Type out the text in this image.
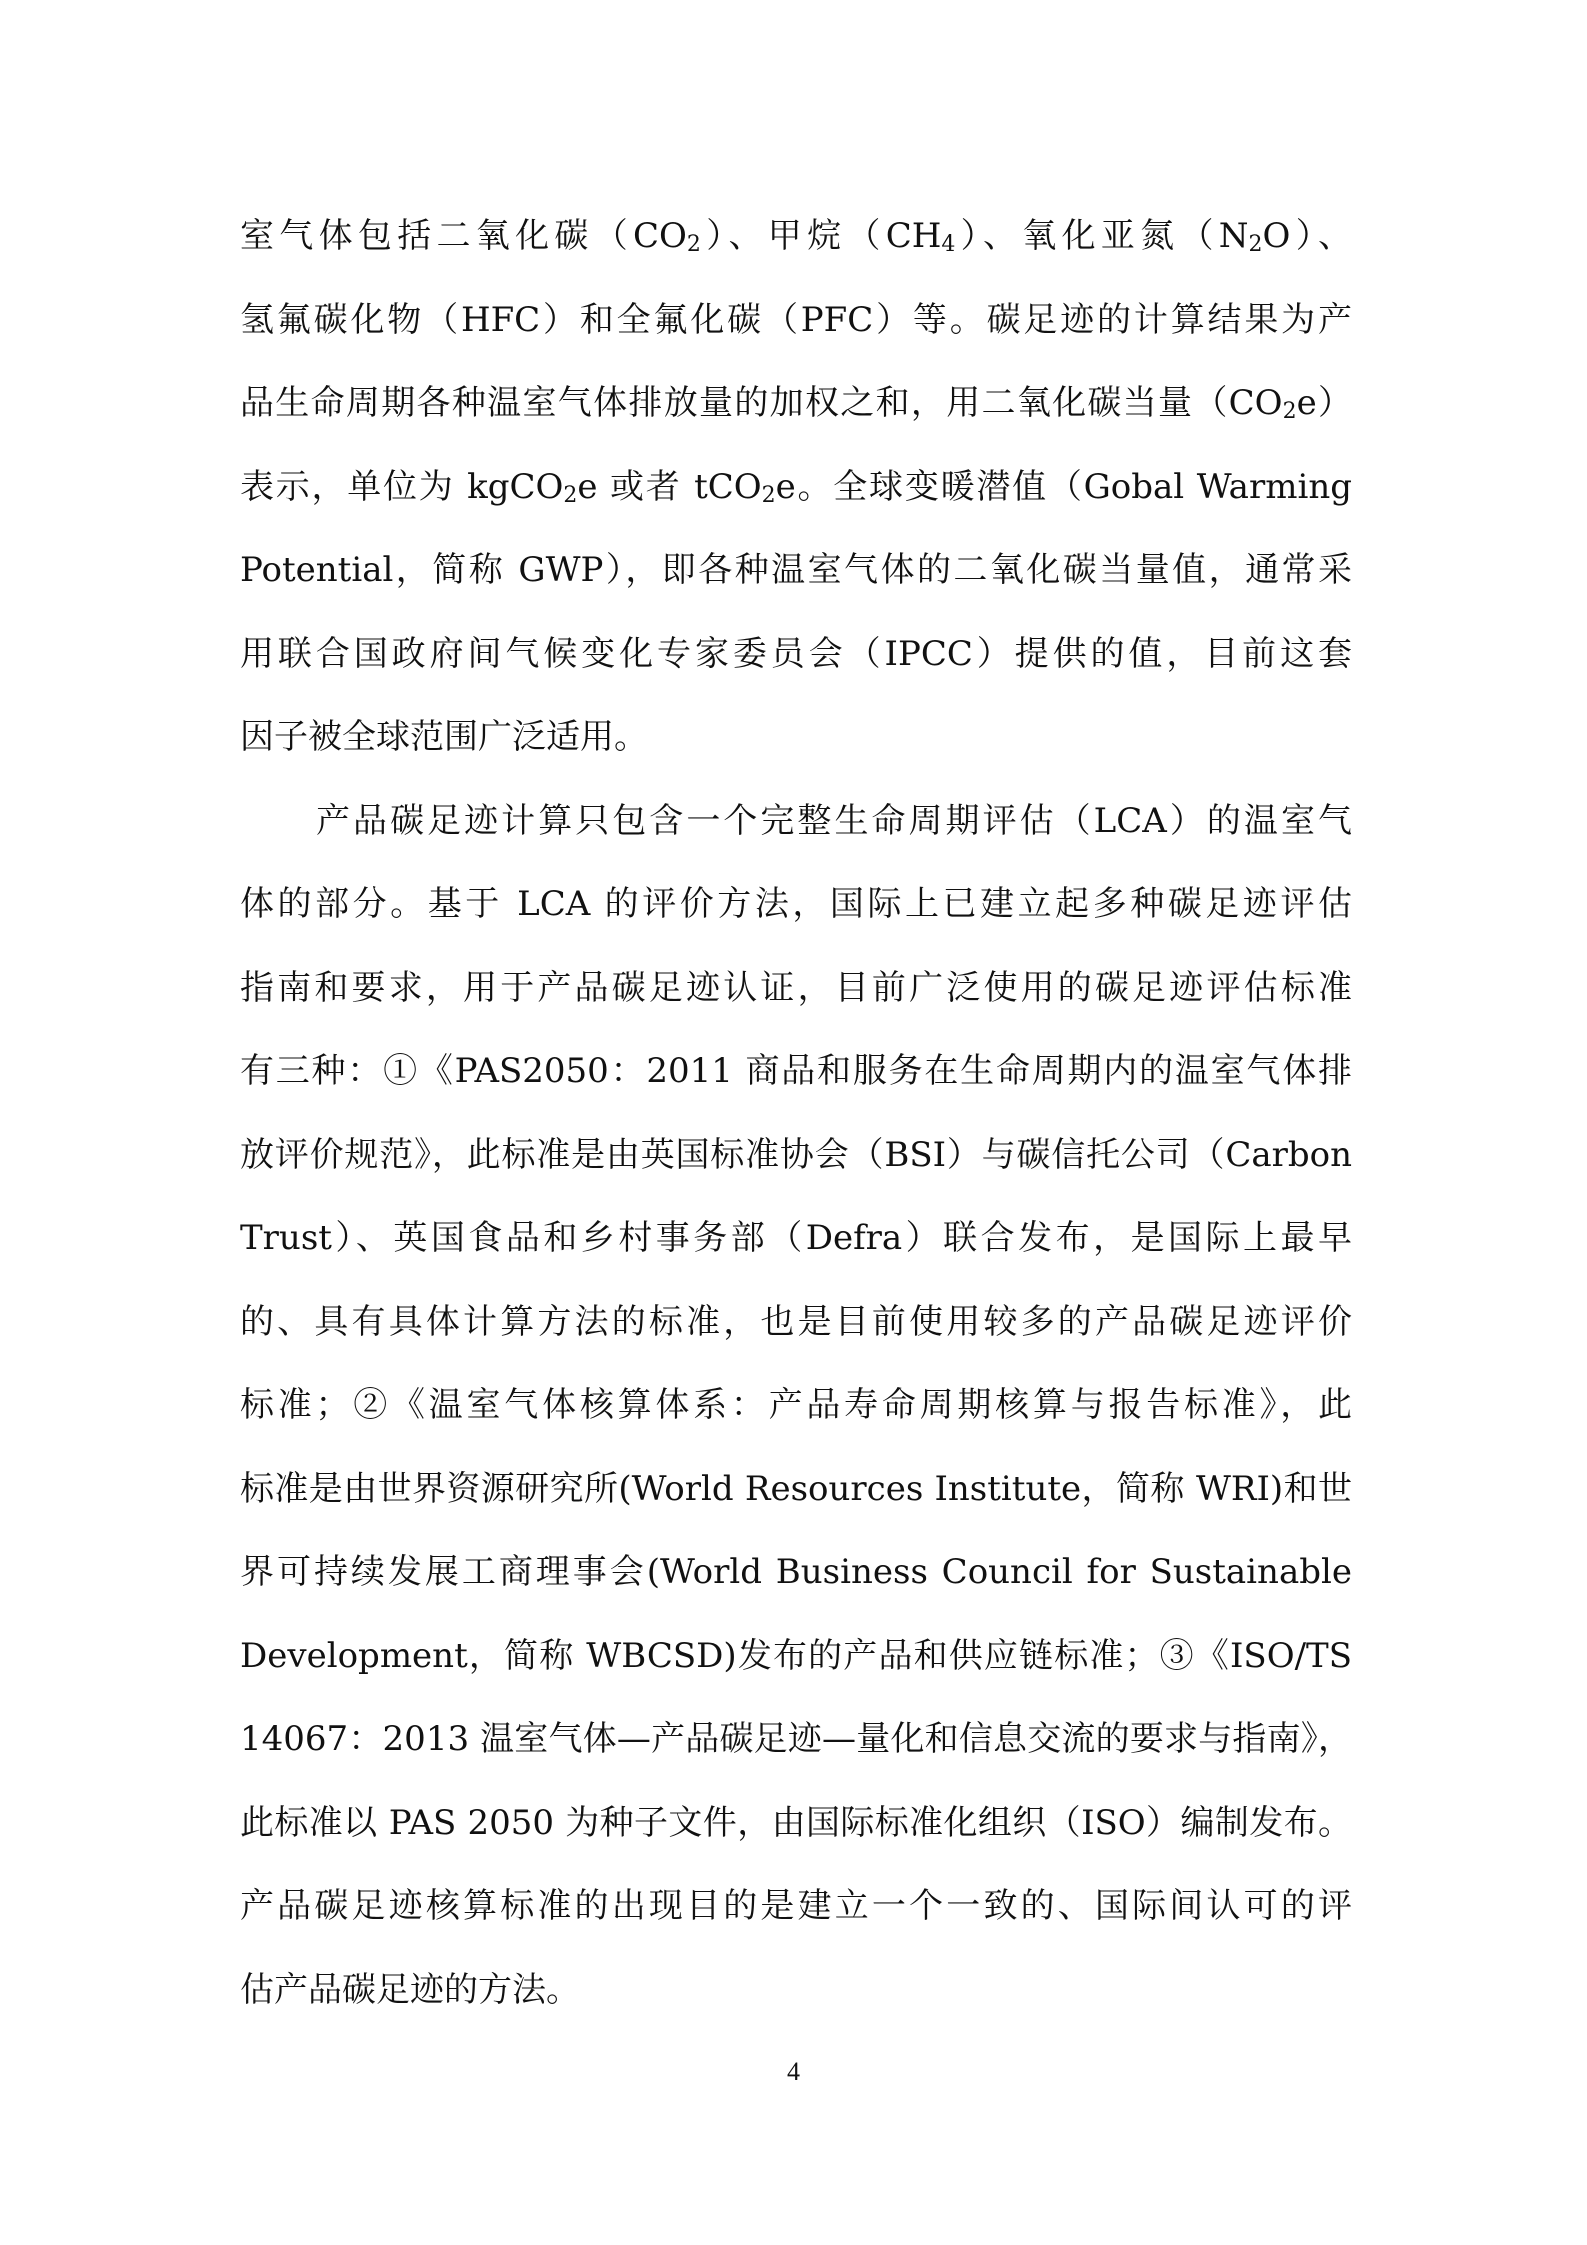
室气体包括二氧化碳$(CO_2)$、甲烷$(CH_4)$、氧化亚氮$(N_2O)$、
氢氟碳化物（HFC）和全氟化碳（PFC）等。碳足迹的计算结果为产
品生命周期各种温室气体排放量的加权之和，用二氧化碳当量$(CO_2e)$
表示，单位为 kgCO$_2$e 或者 tCO$_2$e。全球变暖潜值（Gobal Warming
Potential，简称 GWP），即各种温室气体的二氧化碳当量值，通常采
用联合国政府间气候变化专家委员会（IPCC）提供的值，目前这套
因子被全球范围广泛适用。
产品碳足迹计算只包含一个完整生命周期评估（LCA）的温室气
体的部分。基于 LCA 的评价方法，国际上已建立起多种碳足迹评估
指南和要求，用于产品碳足迹认证，目前广泛使用的碳足迹评估标准
有三种：①《PAS2050：2011 商品和服务在生命周期内的温室气体排
放评价规范》，此标准是由英国标准协会（BSI）与碳信托公司（Carbon
Trust）、英国食品和乡村事务部（Defra）联合发布，是国际上最早
的、具有具体计算方法的标准，也是目前使用较多的产品碳足迹评价
标准；②《温室气体核算体系：产品寿命周期核算与报告标准》，此
标准是由世界资源研究所(World Resources Institute，简称 WRI)和世
界可持续发展工商理事会(World Business Council for Sustainable
Development，简称 WBCSD)发布的产品和供应链标准；③《ISO/TS
14067：2013 温室气体—产品碳足迹—量化和信息交流的要求与指南》，
此标准以 PAS 2050 为种子文件，由国际标准化组织（ISO）编制发布。
产品碳足迹核算标准的出现目的是建立一个一致的、国际间认可的评
估产品碳足迹的方法。
4
